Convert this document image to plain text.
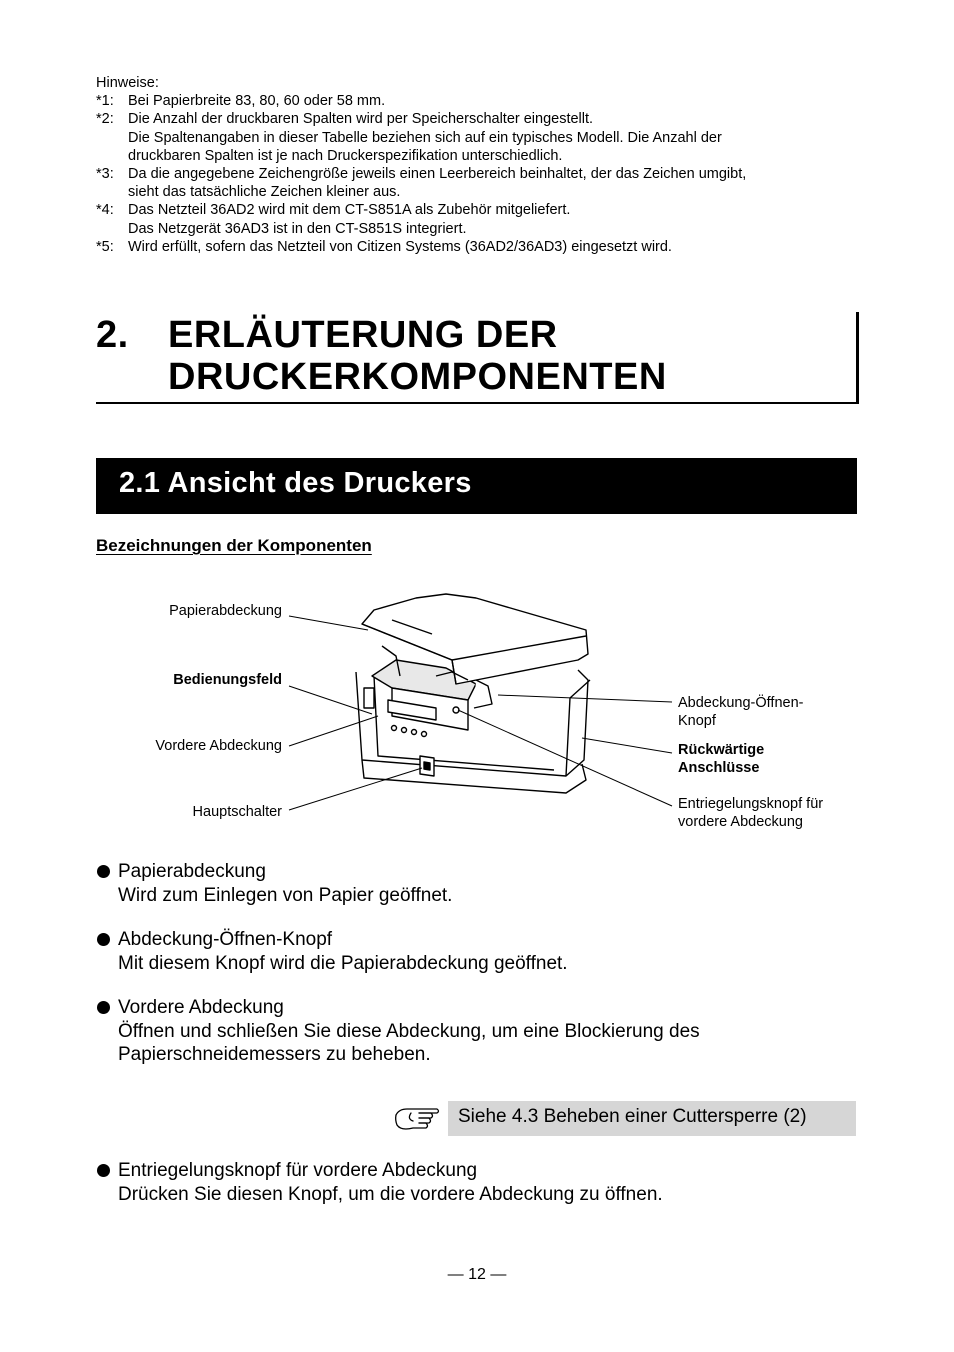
Hinweise:
*1: Bei Papierbreite 83, 80, 60 oder 58 mm.
*2: Die Anzahl der druckbaren Spalten wird per Speicherschalter eingestellt.
Die Spaltenangaben in dieser Tabelle beziehen sich auf ein typisches Modell. Die Anzahl der
druckbaren Spalten ist je nach Druckerspezifikation unterschiedlich.
*3: Da die angegebene Zeichengröße jeweils einen Leerbereich beinhaltet, der das Zeichen umgibt,
sieht das tatsächliche Zeichen kleiner aus.
*4: Das Netzteil 36AD2 wird mit dem CT-S851A als Zubehör mitgeliefert.
Das Netzgerät 36AD3 ist in den CT-S851S integriert.
*5: Wird erfüllt, sofern das Netzteil von Citizen Systems (36AD2/36AD3) eingesetzt wird.
2. ERLÄUTERUNG DER
DRUCKERKOMPONENTEN
2.1 Ansicht des Druckers
Bezeichnungen der Komponenten
Papierabdeckung
Bedienungsfeld
Vordere Abdeckung
Hauptschalter
Abdeckung-Öffnen-
Knopf
Rückwärtige
Anschlüsse
Entriegelungsknopf für
vordere Abdeckung
Papierabdeckung
Wird zum Einlegen von Papier geöffnet.
Abdeckung-Öffnen-Knopf
Mit diesem Knopf wird die Papierabdeckung geöffnet.
Vordere Abdeckung
Öffnen und schließen Sie diese Abdeckung, um eine Blockierung des
Papierschneidemessers zu beheben.
Siehe 4.3 Beheben einer Cuttersperre (2)
Entriegelungsknopf für vordere Abdeckung
Drücken Sie diesen Knopf, um die vordere Abdeckung zu öffnen.
— 12 —
